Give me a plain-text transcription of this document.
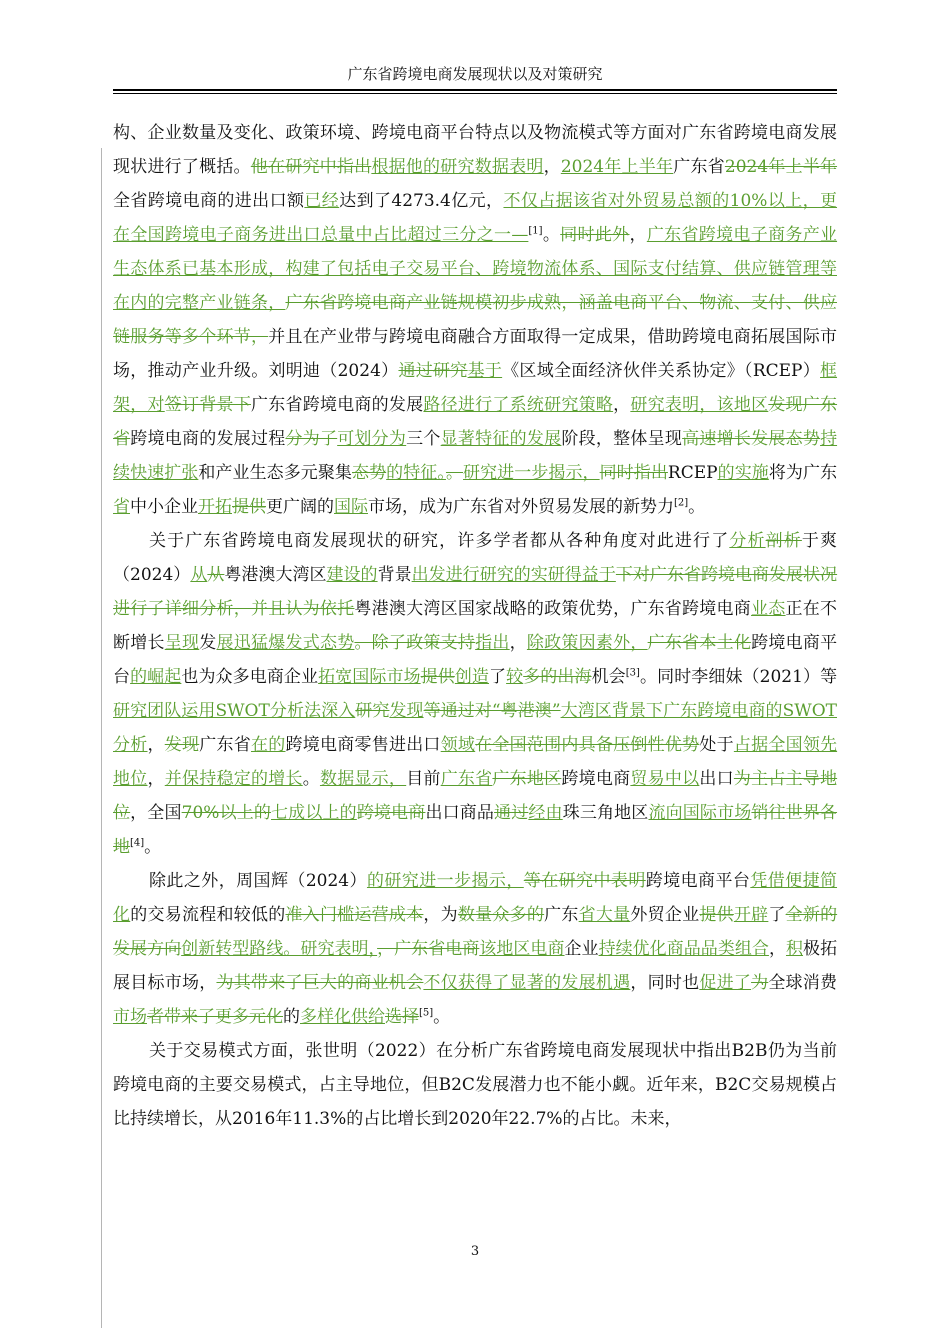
广东省跨境电商发展现状以及对策研究

构、企业数量及变化、政策环境、跨境电商平台特点以及物流模式等方面对广东省跨境电商发展现状进行了概括。他在研究中指出根据他的研究数据表明，2024年上半年广东省2024年上半年全省跨境电商的进出口额已经达到了4273.4亿元，不仅占据该省对外贸易总额的10%以上，更在全国跨境电子商务进出口总量中占比超过三分之一—[1]。同时此外，广东省跨境电子商务产业生态体系已基本形成，构建了包括电子交易平台、跨境物流体系、国际支付结算、供应链管理等在内的完整产业链条，广东省跨境电商产业链规模初步成熟，涵盖电商平台、物流、支付、供应链服务等多个环节，并且在产业带与跨境电商融合方面取得一定成果，借助跨境电商拓展国际市场，推动产业升级。刘明迪（2024）通过研究基于《区域全面经济伙伴关系协定》（RCEP）框架，对签订背景下广东省跨境电商的发展路径进行了系统研究策略，研究表明，该地区发现广东省跨境电商的发展过程分为了可划分为三个显著特征的发展阶段，整体呈现高速增长发展态势持续快速扩张和产业生态多元聚集态势的特征。。研究进一步揭示，同时指出RCEP的实施将为广东省中小企业开拓提供更广阔的国际市场，成为广东省对外贸易发展的新势力[2]。

关于广东省跨境电商发展现状的研究，许多学者都从各种角度对此进行了分析剖析于爽（2024）从从粤港澳大湾区建设的背景出发进行研究的实研得益于下对广东省跨境电商发展状况进行了详细分析，并且认为依托粤港澳大湾区国家战略的政策优势，广东省跨境电商业态正在不断增长呈现发展迅猛爆发式态势。除了政策支持指出，除政策因素外，广东省本土化跨境电商平台的崛起也为众多电商企业拓宽国际市场提供创造了较多的出海机会[3]。同时李细妹（2021）等研究团队运用SWOT分析法深入研究发现等通过对“粤港澳”大湾区背景下广东跨境电商的SWOT分析，发现广东省在的跨境电商零售进出口领域在全国范围内具备压倒性优势处于占据全国领先地位，并保持稳定的增长。数据显示，目前广东省广东地区跨境电商贸易中以出口为主占主导地位，全国70%以上的七成以上的跨境电商出口商品通过经由珠三角地区流向国际市场销往世界各地[4]。

除此之外，周国辉（2024）的研究进一步揭示，等在研究中表明跨境电商平台凭借便捷简化的交易流程和较低的准入门槛运营成本，为数量众多的广东省大量外贸企业提供开辟了全新的发展方向创新转型路线。研究表明，，广东省电商该地区电商企业持续优化商品品类组合，积极拓展目标市场，为其带来了巨大的商业机会不仅获得了显著的发展机遇，同时也促进了为全球消费市场者带来了更多元化的多样化供给选择[5]。

关于交易模式方面，张世明（2022）在分析广东省跨境电商发展现状中指出B2B仍为当前跨境电商的主要交易模式，占主导地位，但B2C发展潜力也不能小觑。近年来，B2C交易规模占比持续增长，从2016年11.3%的占比增长到2020年22.7%的占比。未来，

3
